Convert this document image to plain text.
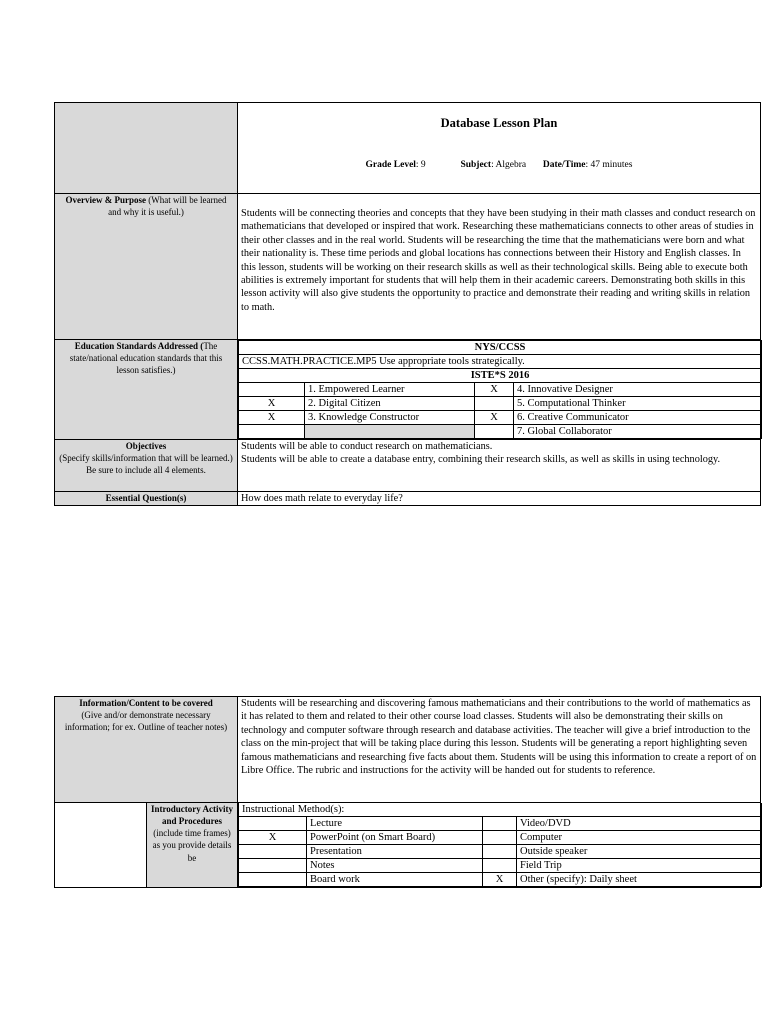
Database Lesson Plan
Grade Level: 9	Subject: Algebra Date/Time: 47 minutes

Overview & Purpose (What will be learned and why it is useful.)	Students will be connecting theories and concepts that they have been studying in their math classes and conduct research on mathematicians that developed or inspired that work. Researching these mathematicians connects to other areas of studies in their other classes and in the real world. Students will be researching the time that the mathematicians were born and what their nationality is. These time periods and global locations has connections between their History and English classes. In this lesson, students will be working on their research skills as well as their technological skills. Being able to execute both abilities is extremely important for students that will help them in their academic careers. Demonstrating both skills in this lesson activity will also give students the opportunity to practice and demonstrate their reading and writing skills in relation to math.

Education Standards Addressed (The state/national education standards that this lesson satisfies.)	
NYS/CCSS
CCSS.MATH.PRACTICE.MP5 Use appropriate tools strategically.
ISTE*S 2016
	1. Empowered Learner	X	4. Innovative Designer
X	2. Digital Citizen		5. Computational Thinker
X	3. Knowledge Constructor	X	6. Creative Communicator
			7. Global Collaborator

Objectives
(Specify skills/information that will be learned.) Be sure to include all 4 elements.	
Students will be able to conduct research on mathematicians.
Students will be able to create a database entry, combining their research skills, as well as skills in using technology.

Essential Question(s)	How does math relate to everyday life?
Information/Content to be covered
(Give and/or demonstrate necessary information; for ex. Outline of teacher notes)	
Students will be researching and discovering famous mathematicians and their contributions to the world of mathematics as it has related to them and related to their other course load classes. Students will also be demonstrating their skills on technology and computer software through research and database activities. The teacher will give a brief introduction to the class on the min-project that will be taking place during this lesson. Students will be generating a report highlighting seven famous mathematicians and researching five facts about them. Students will be using this information to create a report of on Libre Office. The rubric and instructions for the activity will be handed out for students to reference.

	Introductory Activity and Procedures
(include time frames) as you provide details be	
Instructional Method(s):
	Lecture		Video/DVD
X	PowerPoint (on Smart Board)		Computer
	Presentation		Outside speaker
	Notes		Field Trip
	Board work	X	Other (specify): Daily sheet
